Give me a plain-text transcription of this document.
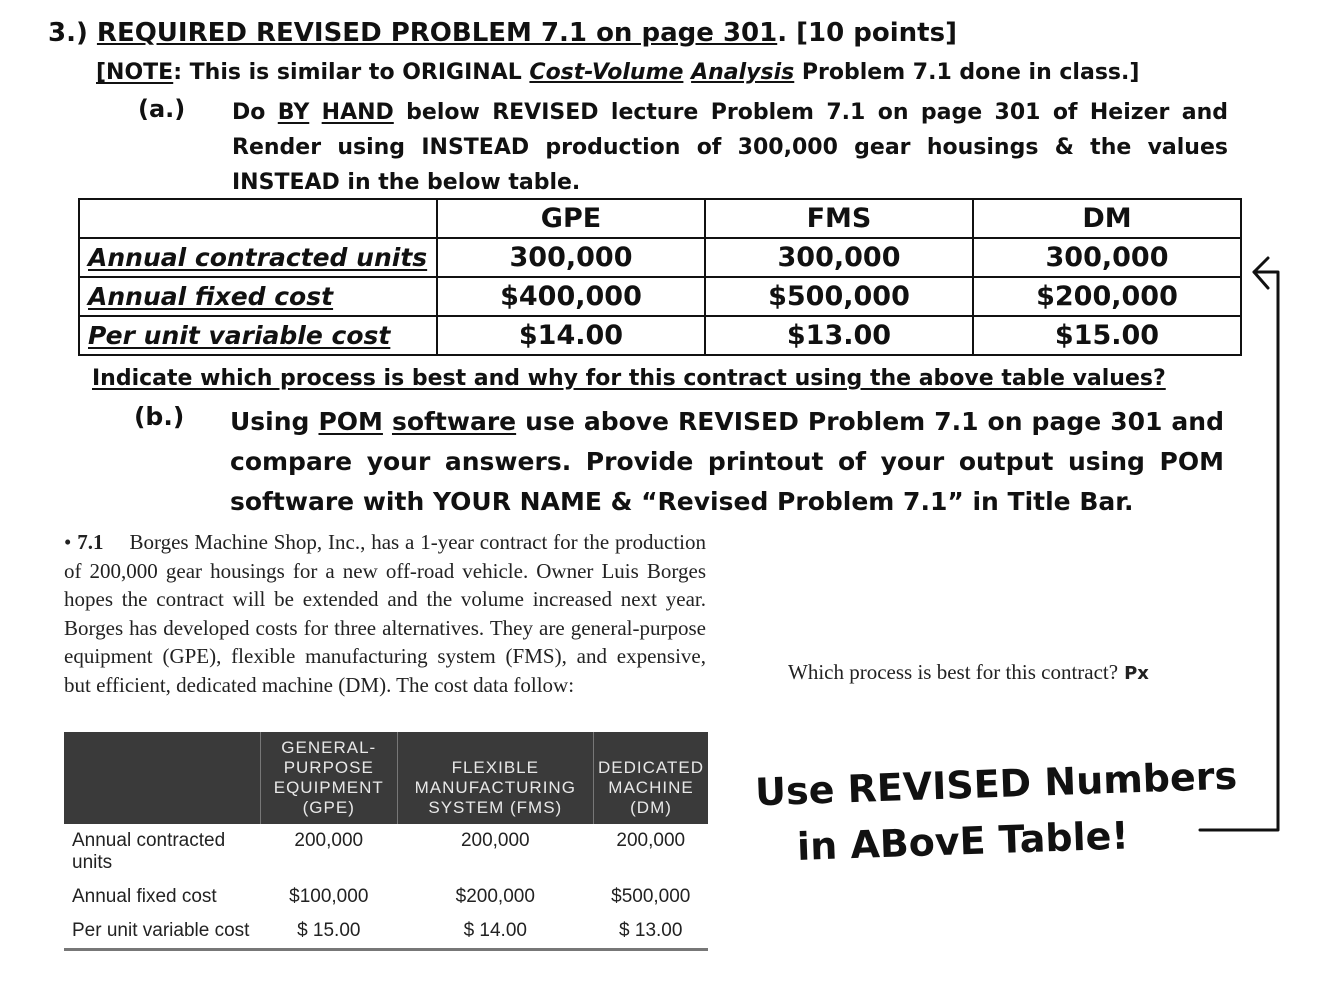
3.) REQUIRED REVISED PROBLEM 7.1 on page 301. [10 points]
[NOTE: This is similar to ORIGINAL Cost-Volume Analysis Problem 7.1 done in class.]
(a.) Do BY HAND below REVISED lecture Problem 7.1 on page 301 of Heizer and Render using INSTEAD production of 300,000 gear housings & the values INSTEAD in the below table.
	GPE	FMS	DM
Annual contracted units	300,000	300,000	300,000
Annual fixed cost	$400,000	$500,000	$200,000
Per unit variable cost	$14.00	$13.00	$15.00
Indicate which process is best and why for this contract using the above table values?
(b.) Using POM software use above REVISED Problem 7.1 on page 301 and compare your answers. Provide printout of your output using POM software with YOUR NAME & “Revised Problem 7.1” in Title Bar.
• 7.1 Borges Machine Shop, Inc., has a 1-year contract for the production of 200,000 gear housings for a new off-road vehicle. Owner Luis Borges hopes the contract will be extended and the volume increased next year. Borges has developed costs for three alternatives. They are general-purpose equipment (GPE), flexible manufacturing system (FMS), and expensive, but efficient, dedicated machine (DM). The cost data follow:
Which process is best for this contract? Px
	GENERAL-PURPOSE EQUIPMENT (GPE)	FLEXIBLE MANUFACTURING SYSTEM (FMS)	DEDICATED MACHINE (DM)
Annual contracted units	200,000	200,000	200,000
Annual fixed cost	$100,000	$200,000	$500,000
Per unit variable cost	$ 15.00	$ 14.00	$ 13.00
Use REVISED Numbers
in ABovE Table!
